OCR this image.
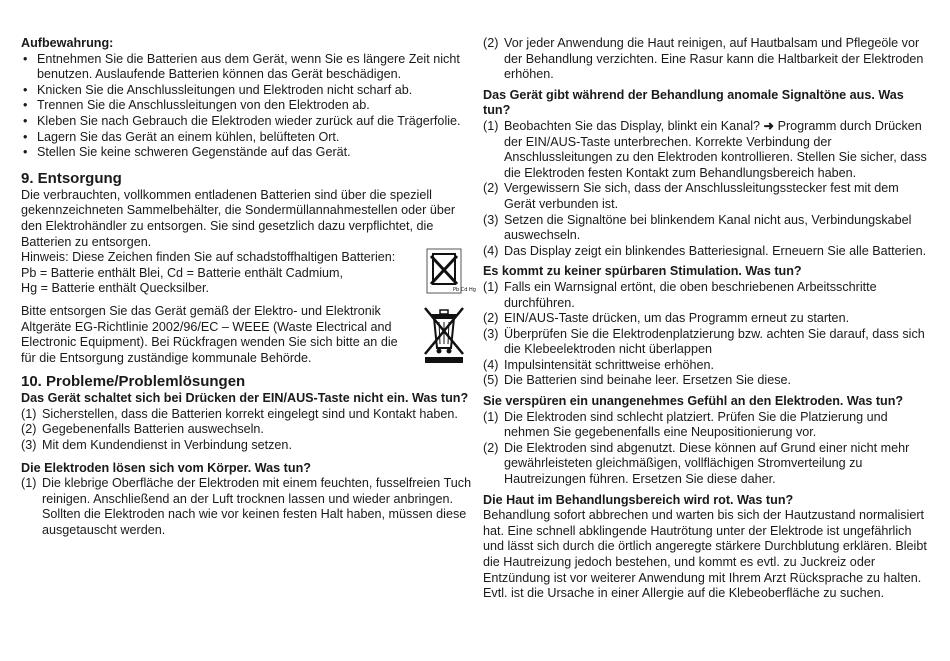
Aufbewahrung:

• Entnehmen Sie die Batterien aus dem Gerät, wenn Sie es längere Zeit nicht benutzen. Auslaufende Batterien können das Gerät beschädigen.
• Knicken Sie die Anschlussleitungen und Elektroden nicht scharf ab.
• Trennen Sie die Anschlussleitungen von den Elektroden ab.
• Kleben Sie nach Gebrauch die Elektroden wieder zurück auf die Trägerfolie.
• Lagern Sie das Gerät an einem kühlen, belüfteten Ort.
• Stellen Sie keine schweren Gegenstände auf das Gerät.

9. Entsorgung

Die verbrauchten, vollkommen entladenen Batterien sind über die speziell gekennzeichneten Sammelbehälter, die Sondermüllannahmestellen oder über den Elektrohändler zu entsorgen. Sie sind gesetzlich dazu verpflichtet, die Batterien zu entsorgen.

Hinweis: Diese Zeichen finden Sie auf schadstoffhaltigen Batterien:

Pb = Batterie enthält Blei, Cd = Batterie enthält Cadmium,

Hg = Batterie enthält Quecksilber.	Pb Cd Hg

Bitte entsorgen Sie das Gerät gemäß der Elektro- und Elektronik Altgeräte EG-Richtlinie 2002/96/EC – WEEE (Waste Electrical and Electronic Equipment). Bei Rückfragen wenden Sie sich bitte an die für die Entsorgung zuständige kommunale Behörde.

10. Probleme/Problemlösungen

Das Gerät schaltet sich bei Drücken der EIN/AUS-Taste nicht ein. Was tun?

(1) Sicherstellen, dass die Batterien korrekt eingelegt sind und Kontakt haben.
(2) Gegebenenfalls Batterien auswechseln.
(3) Mit dem Kundendienst in Verbindung setzen.

Die Elektroden lösen sich vom Körper. Was tun?

(1) Die klebrige Oberfläche der Elektroden mit einem feuchten, fusselfreien Tuch reinigen. Anschließend an der Luft trocknen lassen und wieder anbringen. Sollten die Elektroden nach wie vor keinen festen Halt haben, müssen diese ausgetauscht werden.
(2) Vor jeder Anwendung die Haut reinigen, auf Hautbalsam und Pflegeöle vor der Behandlung verzichten. Eine Rasur kann die Haltbarkeit der Elektroden erhöhen.

Das Gerät gibt während der Behandlung anomale Signaltöne aus. Was tun?

(1) Beobachten Sie das Display, blinkt ein Kanal? ➜ Programm durch Drücken der EIN/AUS-Taste unterbrechen. Korrekte Verbindung der Anschlussleitungen zu den Elektroden kontrollieren. Stellen Sie sicher, dass die Elektroden festen Kontakt zum Behandlungsbereich haben.
(2) Vergewissern Sie sich, dass der Anschlussleitungsstecker fest mit dem Gerät verbunden ist.
(3) Setzen die Signaltöne bei blinkendem Kanal nicht aus, Verbindungskabel auswechseln.
(4) Das Display zeigt ein blinkendes Batteriesignal. Erneuern Sie alle Batterien.

Es kommt zu keiner spürbaren Stimulation. Was tun?

(1) Falls ein Warnsignal ertönt, die oben beschriebenen Arbeitsschritte durchführen.
(2) EIN/AUS-Taste drücken, um das Programm erneut zu starten.
(3) Überprüfen Sie die Elektrodenplatzierung bzw. achten Sie darauf, dass sich die Klebeelektroden nicht überlappen
(4) Impulsintensität schrittweise erhöhen.
(5) Die Batterien sind beinahe leer. Ersetzen Sie diese.

Sie verspüren ein unangenehmes Gefühl an den Elektroden. Was tun?

(1) Die Elektroden sind schlecht platziert. Prüfen Sie die Platzierung und nehmen Sie gegebenenfalls eine Neupositionierung vor.
(2) Die Elektroden sind abgenutzt. Diese können auf Grund einer nicht mehr gewährleisteten gleichmäßigen, vollflächigen Stromverteilung zu Hautreizungen führen. Ersetzen Sie diese daher.

Die Haut im Behandlungsbereich wird rot. Was tun?

Behandlung sofort abbrechen und warten bis sich der Hautzustand normalisiert hat. Eine schnell abklingende Hautrötung unter der Elektrode ist ungefährlich und lässt sich durch die örtlich angeregte stärkere Durchblutung erklären. Bleibt die Hautreizung jedoch bestehen, und kommt es evtl. zu Juckreiz oder Entzündung ist vor weiterer Anwendung mit Ihrem Arzt Rücksprache zu halten. Evtl. ist die Ursache in einer Allergie auf die Klebeoberfläche zu suchen.
